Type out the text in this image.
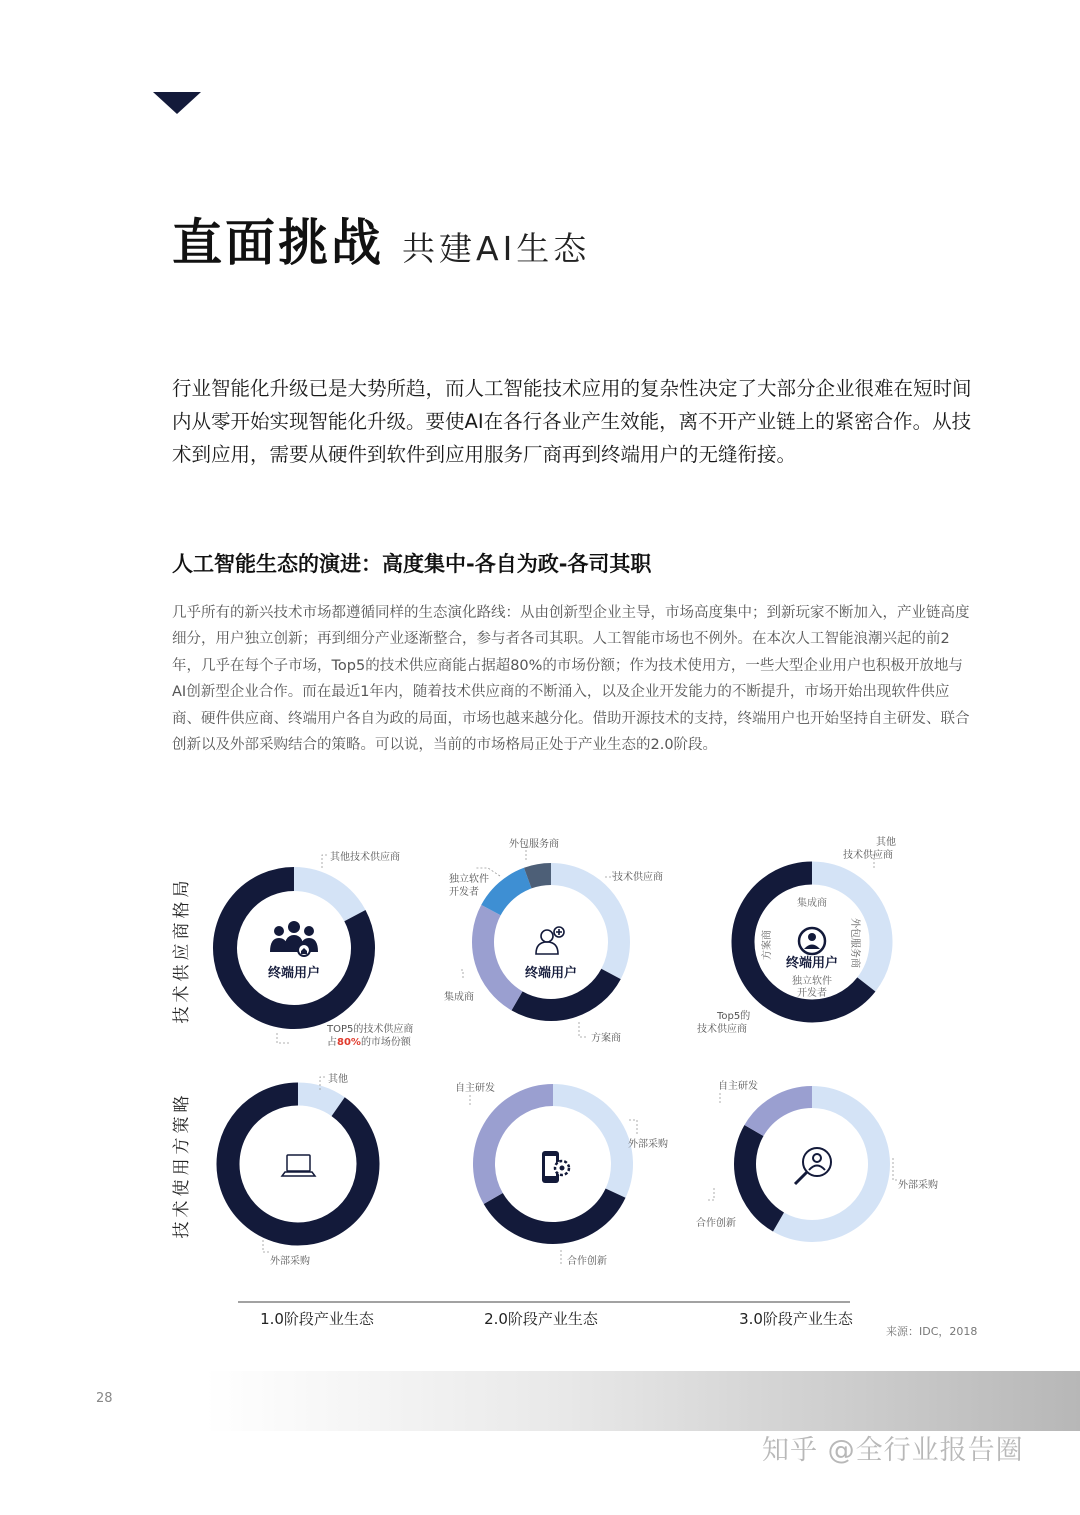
直面挑战 共建AI生态

行业智能化升级已是大势所趋，而人工智能技术应用的复杂性决定了大部分企业很难在短时间内从零开始实现智能化升级。要使AI在各行各业产生效能，离不开产业链上的紧密合作。从技术到应用，需要从硬件到软件到应用服务厂商再到终端用户的无缝衔接。

人工智能生态的演进：高度集中-各自为政-各司其职

几乎所有的新兴技术市场都遵循同样的生态演化路线：从由创新型企业主导，市场高度集中；到新玩家不断加入，产业链高度细分，用户独立创新；再到细分产业逐渐整合，参与者各司其职。人工智能市场也不例外。在本次人工智能浪潮兴起的前2年，几乎在每个子市场，Top5的技术供应商能占据超80%的市场份额；作为技术使用方，一些大型企业用户也积极开放地与AI创新型企业合作。而在最近1年内，随着技术供应商的不断涌入，以及企业开发能力的不断提升，市场开始出现软件供应商、硬件供应商、终端用户各自为政的局面，市场也越来越分化。借助开源技术的支持，终端用户也开始坚持自主研发、联合创新以及外部采购结合的策略。可以说，当前的市场格局正处于产业生态的2.0阶段。

技术供应商格局
技术使用方策略
终端用户	终端用户
终端用户
其他技术供应商
TOP5的技术供应商
占80%的市场份额
外包服务商
独立软件
开发者
技术供应商
集成商
方案商
其他
技术供应商
Top5的
技术供应商
集成商
方案商	外包服务商
独立软件
开发者
其他
外部采购
自主研发
外部采购
合作创新
自主研发
外部采购
合作创新
1.0阶段产业生态	2.0阶段产业生态	3.0阶段产业生态
来源：IDC，2018
28
知乎 @全行业报告圈
